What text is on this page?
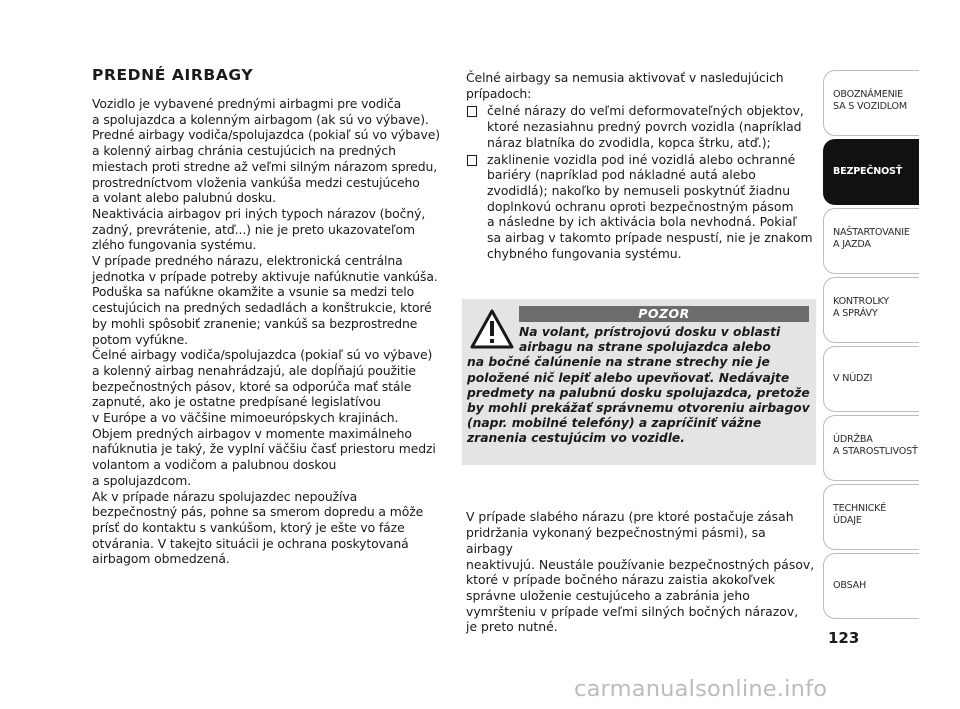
PREDNÉ AIRBAGY

Vozidlo je vybavené prednými airbagmi pre vodiča
a spolujazdca a kolenným airbagom (ak sú vo výbave).
Predné airbagy vodiča/spolujazdca (pokiaľ sú vo výbave)
a kolenný airbag chránia cestujúcich na predných
miestach proti stredne až veľmi silným nárazom spredu,
prostredníctvom vloženia vankúša medzi cestujúceho
a volant alebo palubnú dosku.
Neaktivácia airbagov pri iných typoch nárazov (bočný,
zadný, prevrátenie, atď...) nie je preto ukazovateľom
zlého fungovania systému.
V prípade predného nárazu, elektronická centrálna
jednotka v prípade potreby aktivuje nafúknutie vankúša.
Poduška sa nafúkne okamžite a vsunie sa medzi telo
cestujúcich na predných sedadlách a konštrukcie, ktoré
by mohli spôsobiť zranenie; vankúš sa bezprostredne
potom vyfúkne.
Čelné airbagy vodiča/spolujazdca (pokiaľ sú vo výbave)
a kolenný airbag nenahrádzajú, ale dopĺňajú použitie
bezpečnostných pásov, ktoré sa odporúča mať stále
zapnuté, ako je ostatne predpísané legislatívou
v Európe a vo väčšine mimoeurópskych krajinách.
Objem predných airbagov v momente maximálneho
nafúknutia je taký, že vyplní väčšiu časť priestoru medzi
volantom a vodičom a palubnou doskou
a spolujazdcom.
Ak v prípade nárazu spolujazdec nepoužíva
bezpečnostný pás, pohne sa smerom dopredu a môže
prísť do kontaktu s vankúšom, ktorý je ešte vo fáze
otvárania. V takejto situácii je ochrana poskytovaná
airbagom obmedzená.

Čelné airbagy sa nemusia aktivovať v nasledujúcich
prípadoch:

čelné nárazy do veľmi deformovateľných objektov,
ktoré nezasiahnu predný povrch vozidla (napríklad
náraz blatníka do zvodidla, kopca štrku, atď.);
zaklinenie vozidla pod iné vozidlá alebo ochranné
bariéry (napríklad pod nákladné autá alebo
zvodidlá); nakoľko by nemuseli poskytnúť žiadnu
doplnkovú ochranu oproti bezpečnostným pásom
a následne by ich aktivácia bola nevhodná. Pokiaľ
sa airbag v takomto prípade nespustí, nie je znakom
chybného fungovania systému.
POZOR
Na volant, prístrojovú dosku v oblasti
airbagu na strane spolujazdca alebo
na bočné čalúnenie na strane strechy nie je položené nič lepiť alebo upevňovať. Nedávajte predmety na palubnú dosku spolujazdca, pretože by mohli prekážať správnemu otvoreniu airbagov (napr. mobilné telefóny) a zapríčiniť vážne zranenia cestujúcim vo vozidle.

V prípade slabého nárazu (pre ktoré postačuje zásah
pridržania vykonaný bezpečnostnými pásmi), sa airbagy
neaktivujú. Neustále používanie bezpečnostných pásov,
ktoré v prípade bočného nárazu zaistia akokoľvek
správne uloženie cestujúceho a zabránia jeho
vymršteniu v prípade veľmi silných bočných nárazov,
je preto nutné.

OBOZNÁMENIE
SA S VOZIDLOM
BEZPEČNOSŤ
NAŠTARTOVANIE
A JAZDA
KONTROLKY
A SPRÁVY
V NÚDZI
ÚDRŽBA
A STAROSTLIVOSŤ
TECHNICKÉ
ÚDAJE
OBSAH
123
carmanualsonline.info
